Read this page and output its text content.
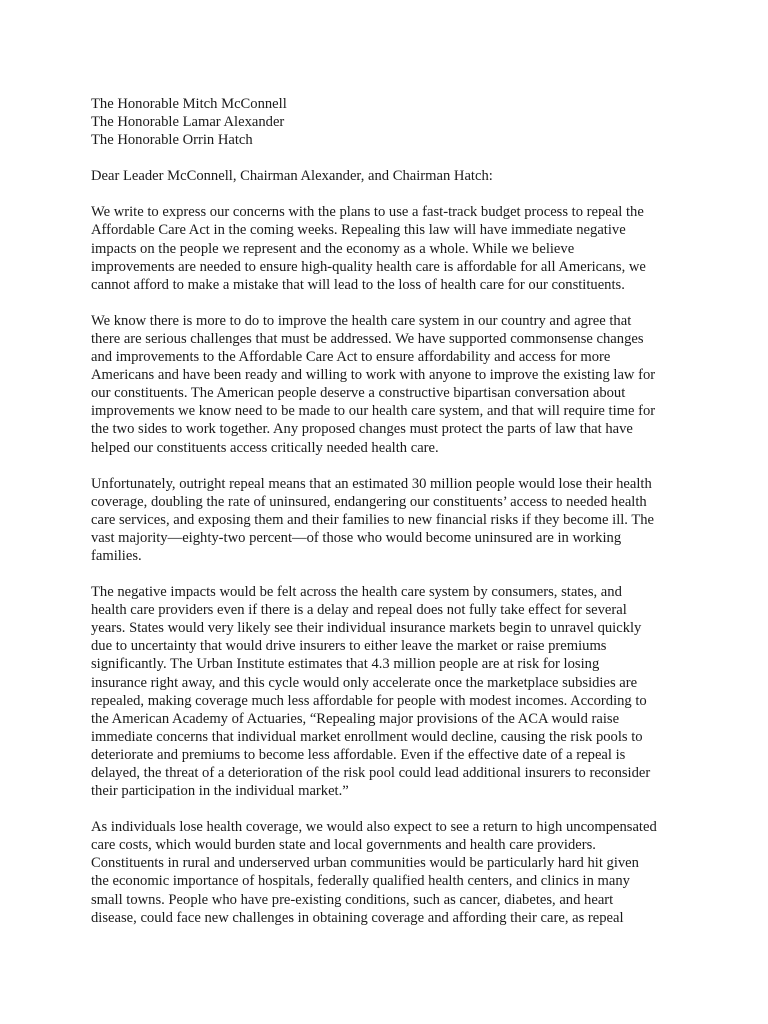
The Honorable Mitch McConnell
The Honorable Lamar Alexander
The Honorable Orrin Hatch
Dear Leader McConnell, Chairman Alexander, and Chairman Hatch:
We write to express our concerns with the plans to use a fast-track budget process to repeal the
Affordable Care Act in the coming weeks. Repealing this law will have immediate negative
impacts on the people we represent and the economy as a whole. While we believe
improvements are needed to ensure high-quality health care is affordable for all Americans, we
cannot afford to make a mistake that will lead to the loss of health care for our constituents.
We know there is more to do to improve the health care system in our country and agree that
there are serious challenges that must be addressed. We have supported commonsense changes
and improvements to the Affordable Care Act to ensure affordability and access for more
Americans and have been ready and willing to work with anyone to improve the existing law for
our constituents. The American people deserve a constructive bipartisan conversation about
improvements we know need to be made to our health care system, and that will require time for
the two sides to work together. Any proposed changes must protect the parts of law that have
helped our constituents access critically needed health care.
Unfortunately, outright repeal means that an estimated 30 million people would lose their health
coverage, doubling the rate of uninsured, endangering our constituents’ access to needed health
care services, and exposing them and their families to new financial risks if they become ill. The
vast majority—eighty-two percent—of those who would become uninsured are in working
families.
The negative impacts would be felt across the health care system by consumers, states, and
health care providers even if there is a delay and repeal does not fully take effect for several
years. States would very likely see their individual insurance markets begin to unravel quickly
due to uncertainty that would drive insurers to either leave the market or raise premiums
significantly. The Urban Institute estimates that 4.3 million people are at risk for losing
insurance right away, and this cycle would only accelerate once the marketplace subsidies are
repealed, making coverage much less affordable for people with modest incomes. According to
the American Academy of Actuaries, “Repealing major provisions of the ACA would raise
immediate concerns that individual market enrollment would decline, causing the risk pools to
deteriorate and premiums to become less affordable. Even if the effective date of a repeal is
delayed, the threat of a deterioration of the risk pool could lead additional insurers to reconsider
their participation in the individual market.”
As individuals lose health coverage, we would also expect to see a return to high uncompensated
care costs, which would burden state and local governments and health care providers.
Constituents in rural and underserved urban communities would be particularly hard hit given
the economic importance of hospitals, federally qualified health centers, and clinics in many
small towns. People who have pre-existing conditions, such as cancer, diabetes, and heart
disease, could face new challenges in obtaining coverage and affording their care, as repeal
